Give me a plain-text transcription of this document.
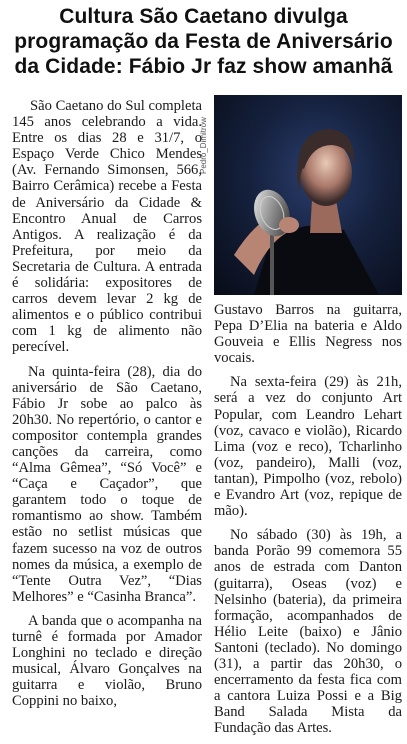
Cultura São Caetano divulga programação da Festa de Aniversário da Cidade: Fábio Jr faz show amanhã
Pedro_Dimitrow

São Caetano do Sul completa 145 anos celebrando a vida. Entre os dias 28 e 31/7, o Espaço Verde Chico Mendes (Av. Fernando Simonsen, 566, Bairro Cerâmica) recebe a Festa de Aniversário da Cidade & Encontro Anual de Carros Antigos. A realização é da Prefeitura, por meio da Secretaria de Cultura. A entrada é solidária: expositores de carros devem levar 2 kg de alimentos e o público contribui com 1 kg de alimento não perecível.

Na quinta-feira (28), dia do aniversário de São Caetano, Fábio Jr sobe ao palco às 20h30. No repertório, o cantor e compositor contempla grandes canções da carreira, como “Alma Gêmea”, “Só Você” e “Caça e Caçador”, que garantem todo o toque de romantismo ao show. Também estão no setlist músicas que fazem sucesso na voz de outros nomes da música, a exemplo de “Tente Outra Vez”, “Dias Melhores” e “Casinha Branca”.

A banda que o acompanha na turnê é formada por Amador Longhini no teclado e direção musical, Álvaro Gonçalves na guitarra e violão, Bruno Coppini no baixo,

Gustavo Barros na guitarra, Pepa D’Elia na bateria e Aldo Gouveia e Ellis Negress nos vocais.

Na sexta-feira (29) às 21h, será a vez do conjunto Art Popular, com Leandro Lehart (voz, cavaco e violão), Ricardo Lima (voz e reco), Tcharlinho (voz, pandeiro), Malli (voz, tantan), Pimpolho (voz, rebolo) e Evandro Art (voz, repique de mão).

No sábado (30) às 19h, a banda Porão 99 comemora 55 anos de estrada com Danton (guitarra), Oseas (voz) e Nelsinho (bateria), da primeira formação, acompanhados de Hélio Leite (baixo) e Jânio Santoni (teclado). No domingo (31), a partir das 20h30, o encerramento da festa fica com a cantora Luiza Possi e a Big Band Salada Mista da Fundação das Artes.
